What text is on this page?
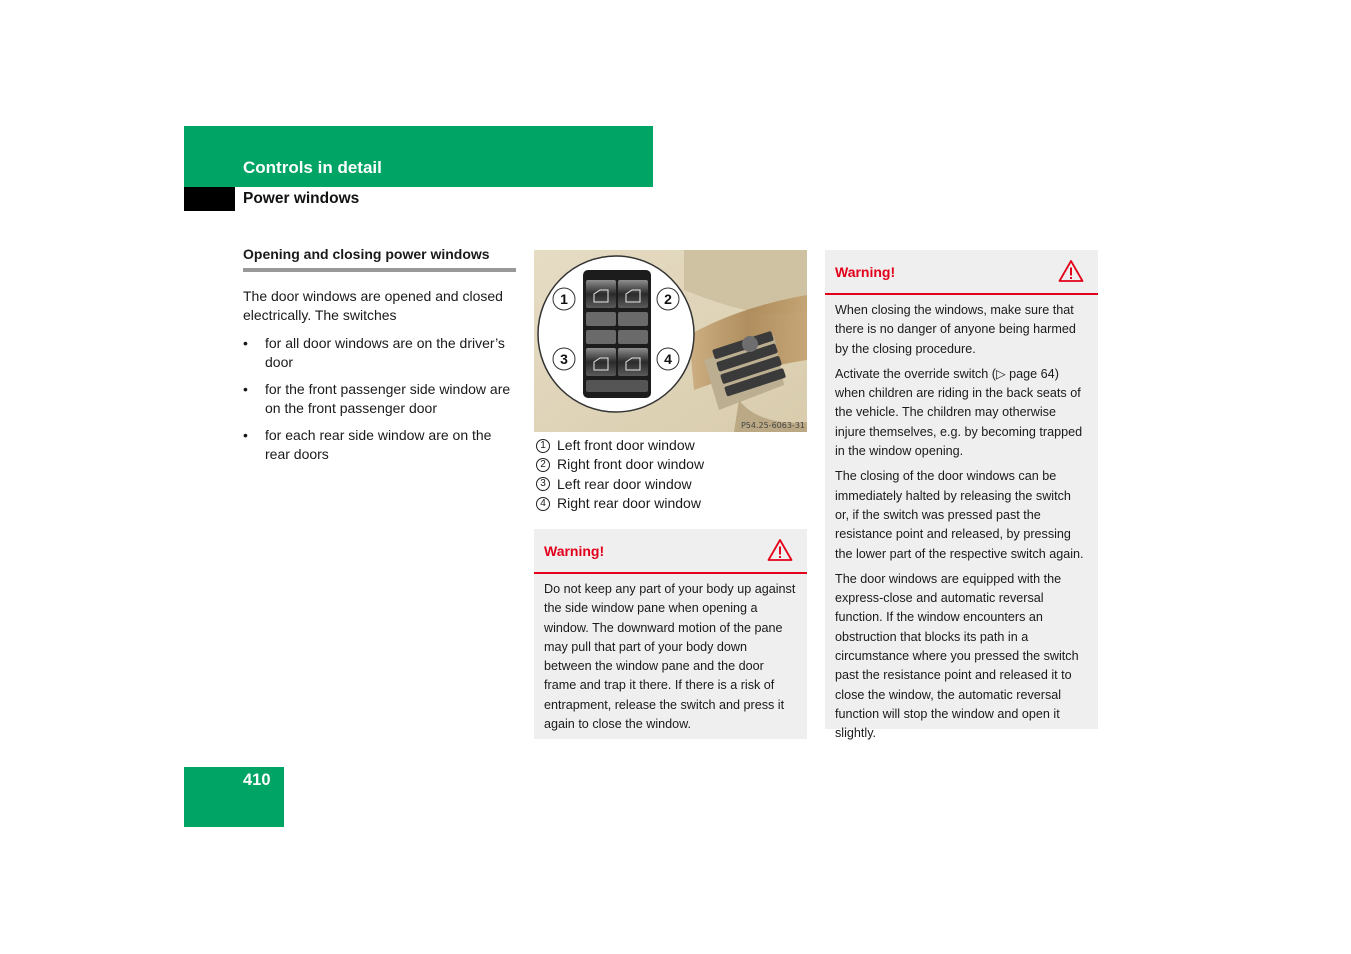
Controls in detail
Power windows
Opening and closing power windows

The door windows are opened and closed electrically. The switches

• for all door windows are on the driver’s door
• for the front passenger side window are on the front passenger door
• for each rear side window are on the rear doors
1	2
3	4
P54.25-6063-31
1 Left front door window
2 Right front door window
3 Left rear door window
4 Right rear door window
Warning!

Do not keep any part of your body up against the side window pane when opening a window. The downward motion of the pane may pull that part of your body down between the window pane and the door frame and trap it there. If there is a risk of entrapment, release the switch and press it again to close the window.

Warning!

When closing the windows, make sure that there is no danger of anyone being harmed by the closing procedure.

Activate the override switch (▷ page 64) when children are riding in the back seats of the vehicle. The children may otherwise injure themselves, e.g. by becoming trapped in the window opening.

The closing of the door windows can be immediately halted by releasing the switch or, if the switch was pressed past the resistance point and released, by pressing the lower part of the respective switch again.

The door windows are equipped with the express-close and automatic reversal function. If the window encounters an obstruction that blocks its path in a circumstance where you pressed the switch past the resistance point and released it to close the window, the automatic reversal function will stop the window and open it slightly.

410
